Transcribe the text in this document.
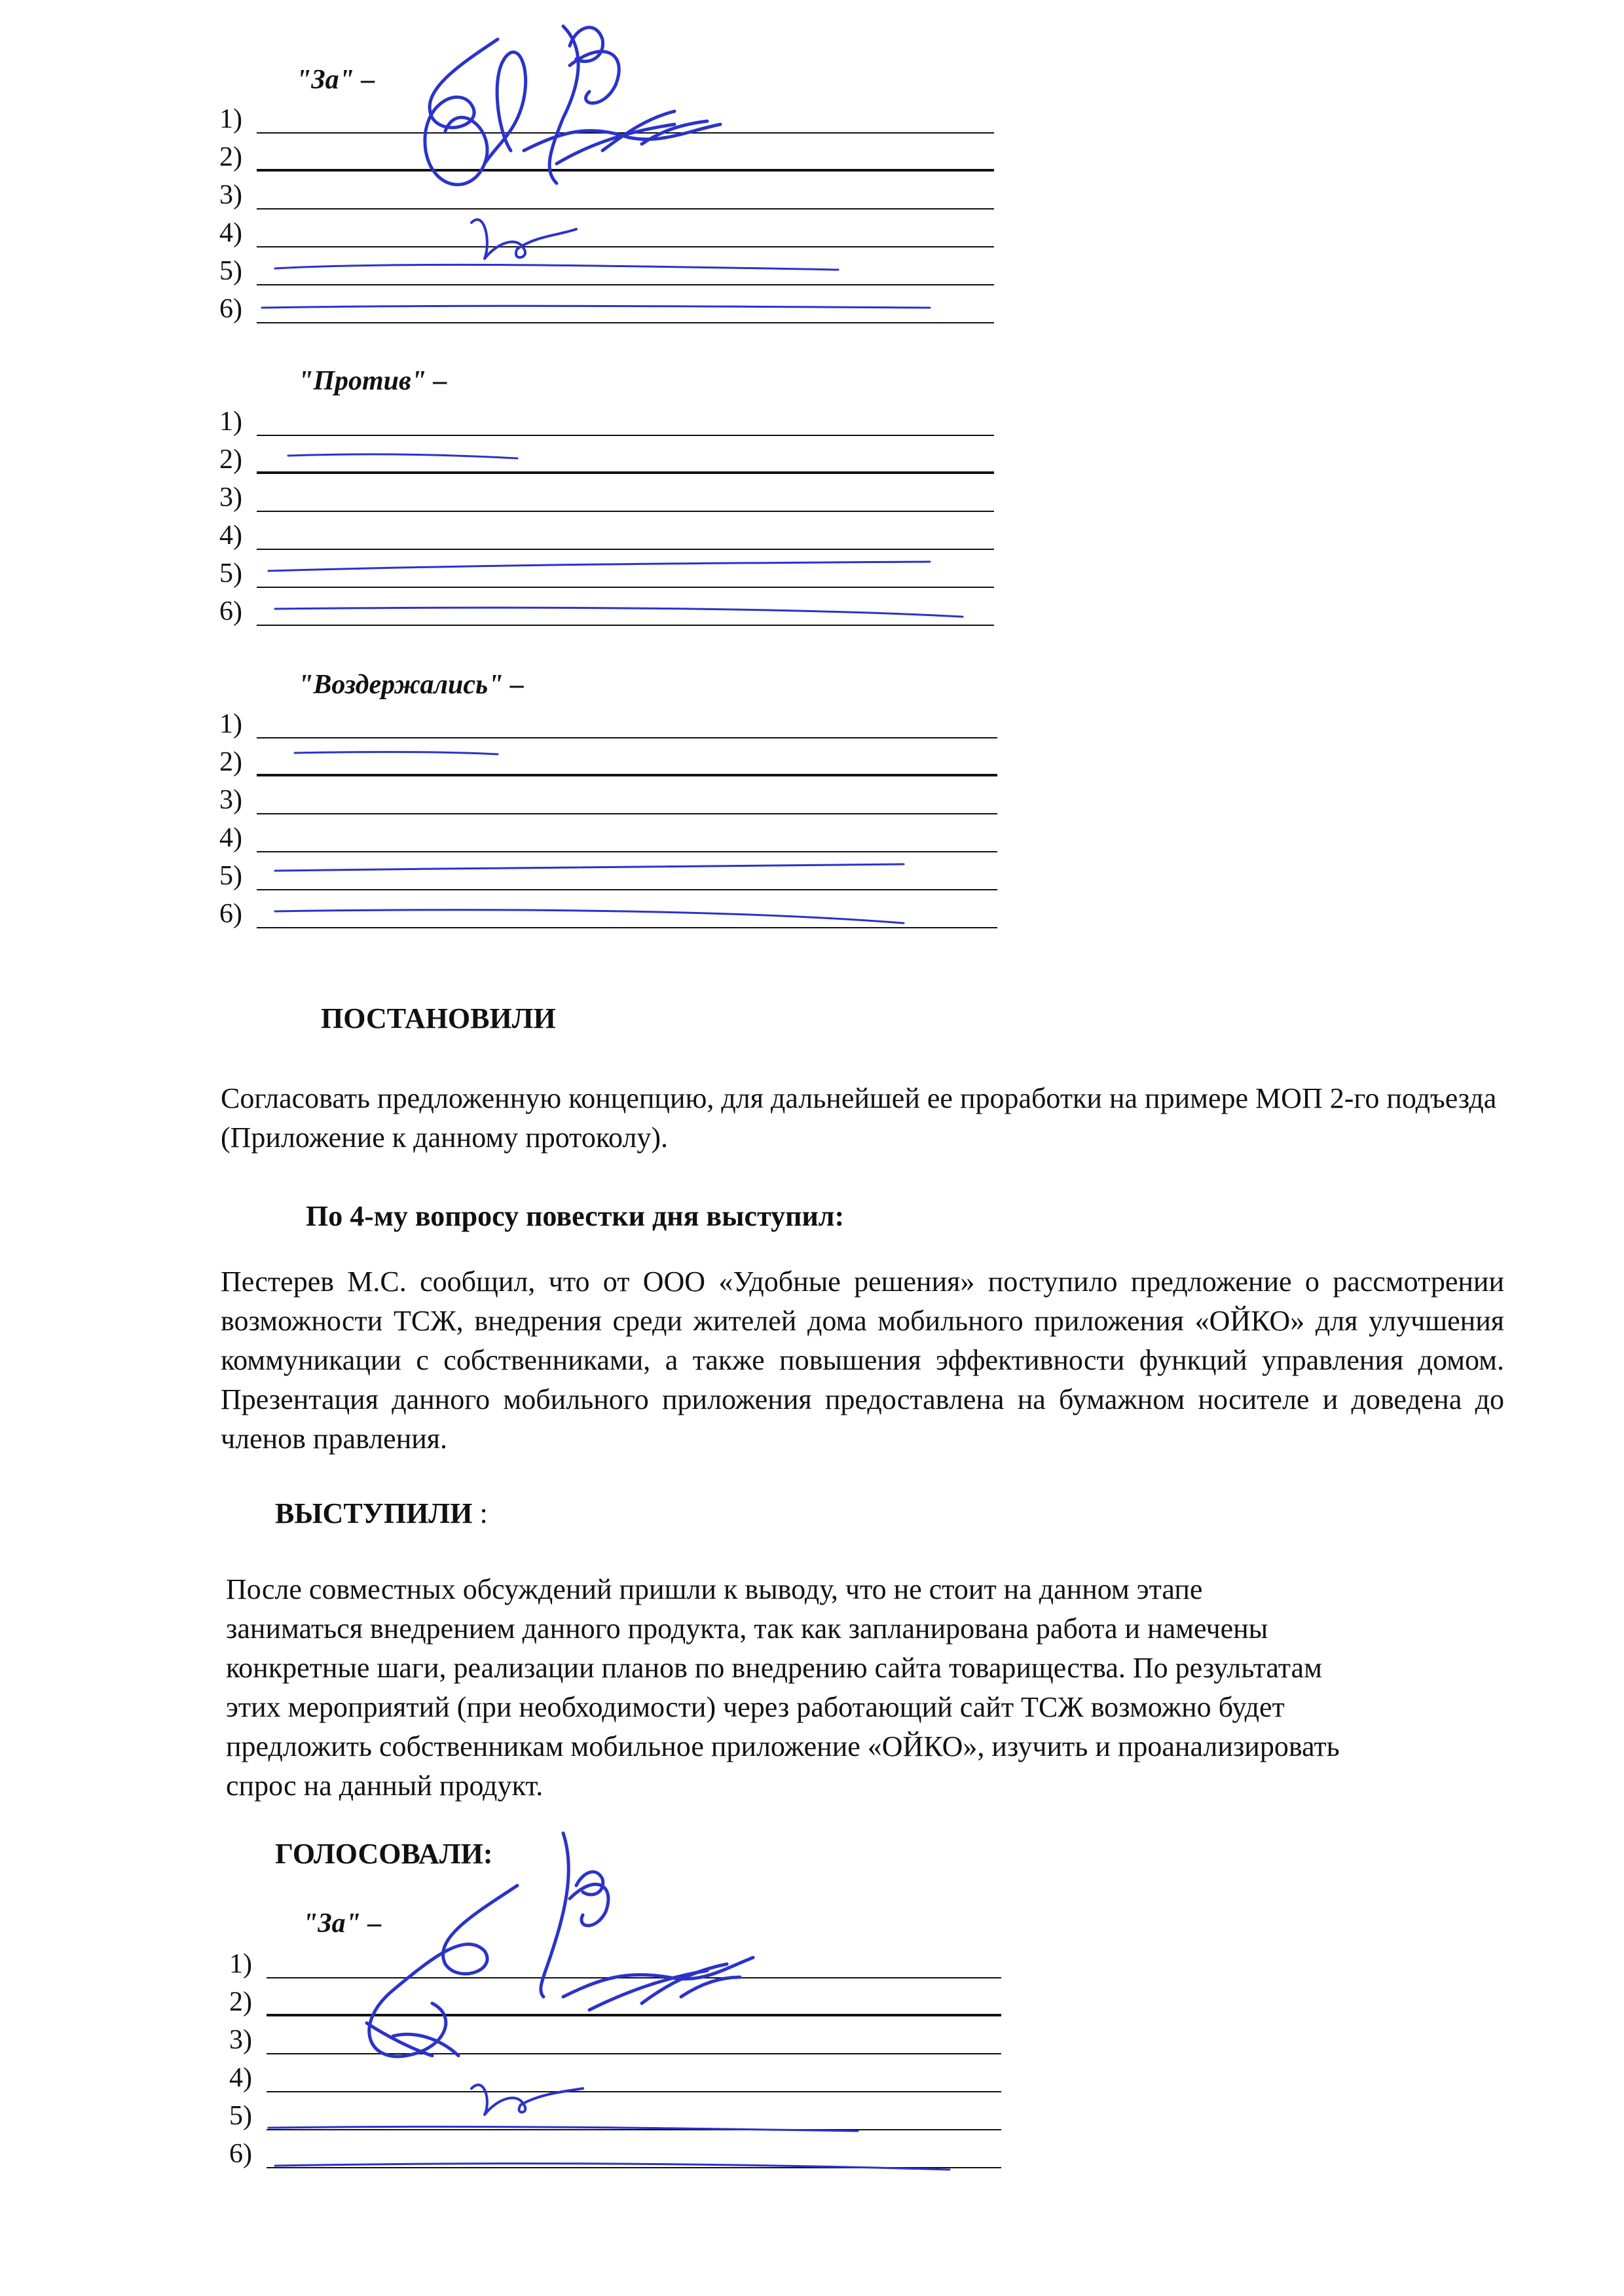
"За" –
1)
2)
3)
4)
5)
6)
"Против" –
1)
2)
3)
4)
5)
6)
"Воздержались" –
1)
2)
3)
4)
5)
6)
ПОСТАНОВИЛИ
Согласовать предложенную концепцию, для дальнейшей ее проработки на примере МОП 2-го подъезда (Приложение к данному протоколу).
По 4-му вопросу повестки дня выступил:
Пестерев М.С. сообщил, что от ООО «Удобные решения» поступило предложение о рассмотрении возможности ТСЖ, внедрения среди жителей дома мобильного приложения «ОЙКО» для улучшения коммуникации с собственниками, а также повышения эффективности функций управления домом. Презентация данного мобильного приложения предоставлена на бумажном носителе и доведена до членов правления.
ВЫСТУПИЛИ :
После совместных обсуждений пришли к выводу, что не стоит на данном этапе
заниматься внедрением данного продукта, так как запланирована работа и намечены
конкретные шаги, реализации планов по внедрению сайта товарищества. По результатам
этих мероприятий (при необходимости) через работающий сайт ТСЖ возможно будет
предложить собственникам мобильное приложение «ОЙКО», изучить и проанализировать
спрос на данный продукт.
ГОЛОСОВАЛИ:
"За" –
1)
2)
3)
4)
5)
6)
